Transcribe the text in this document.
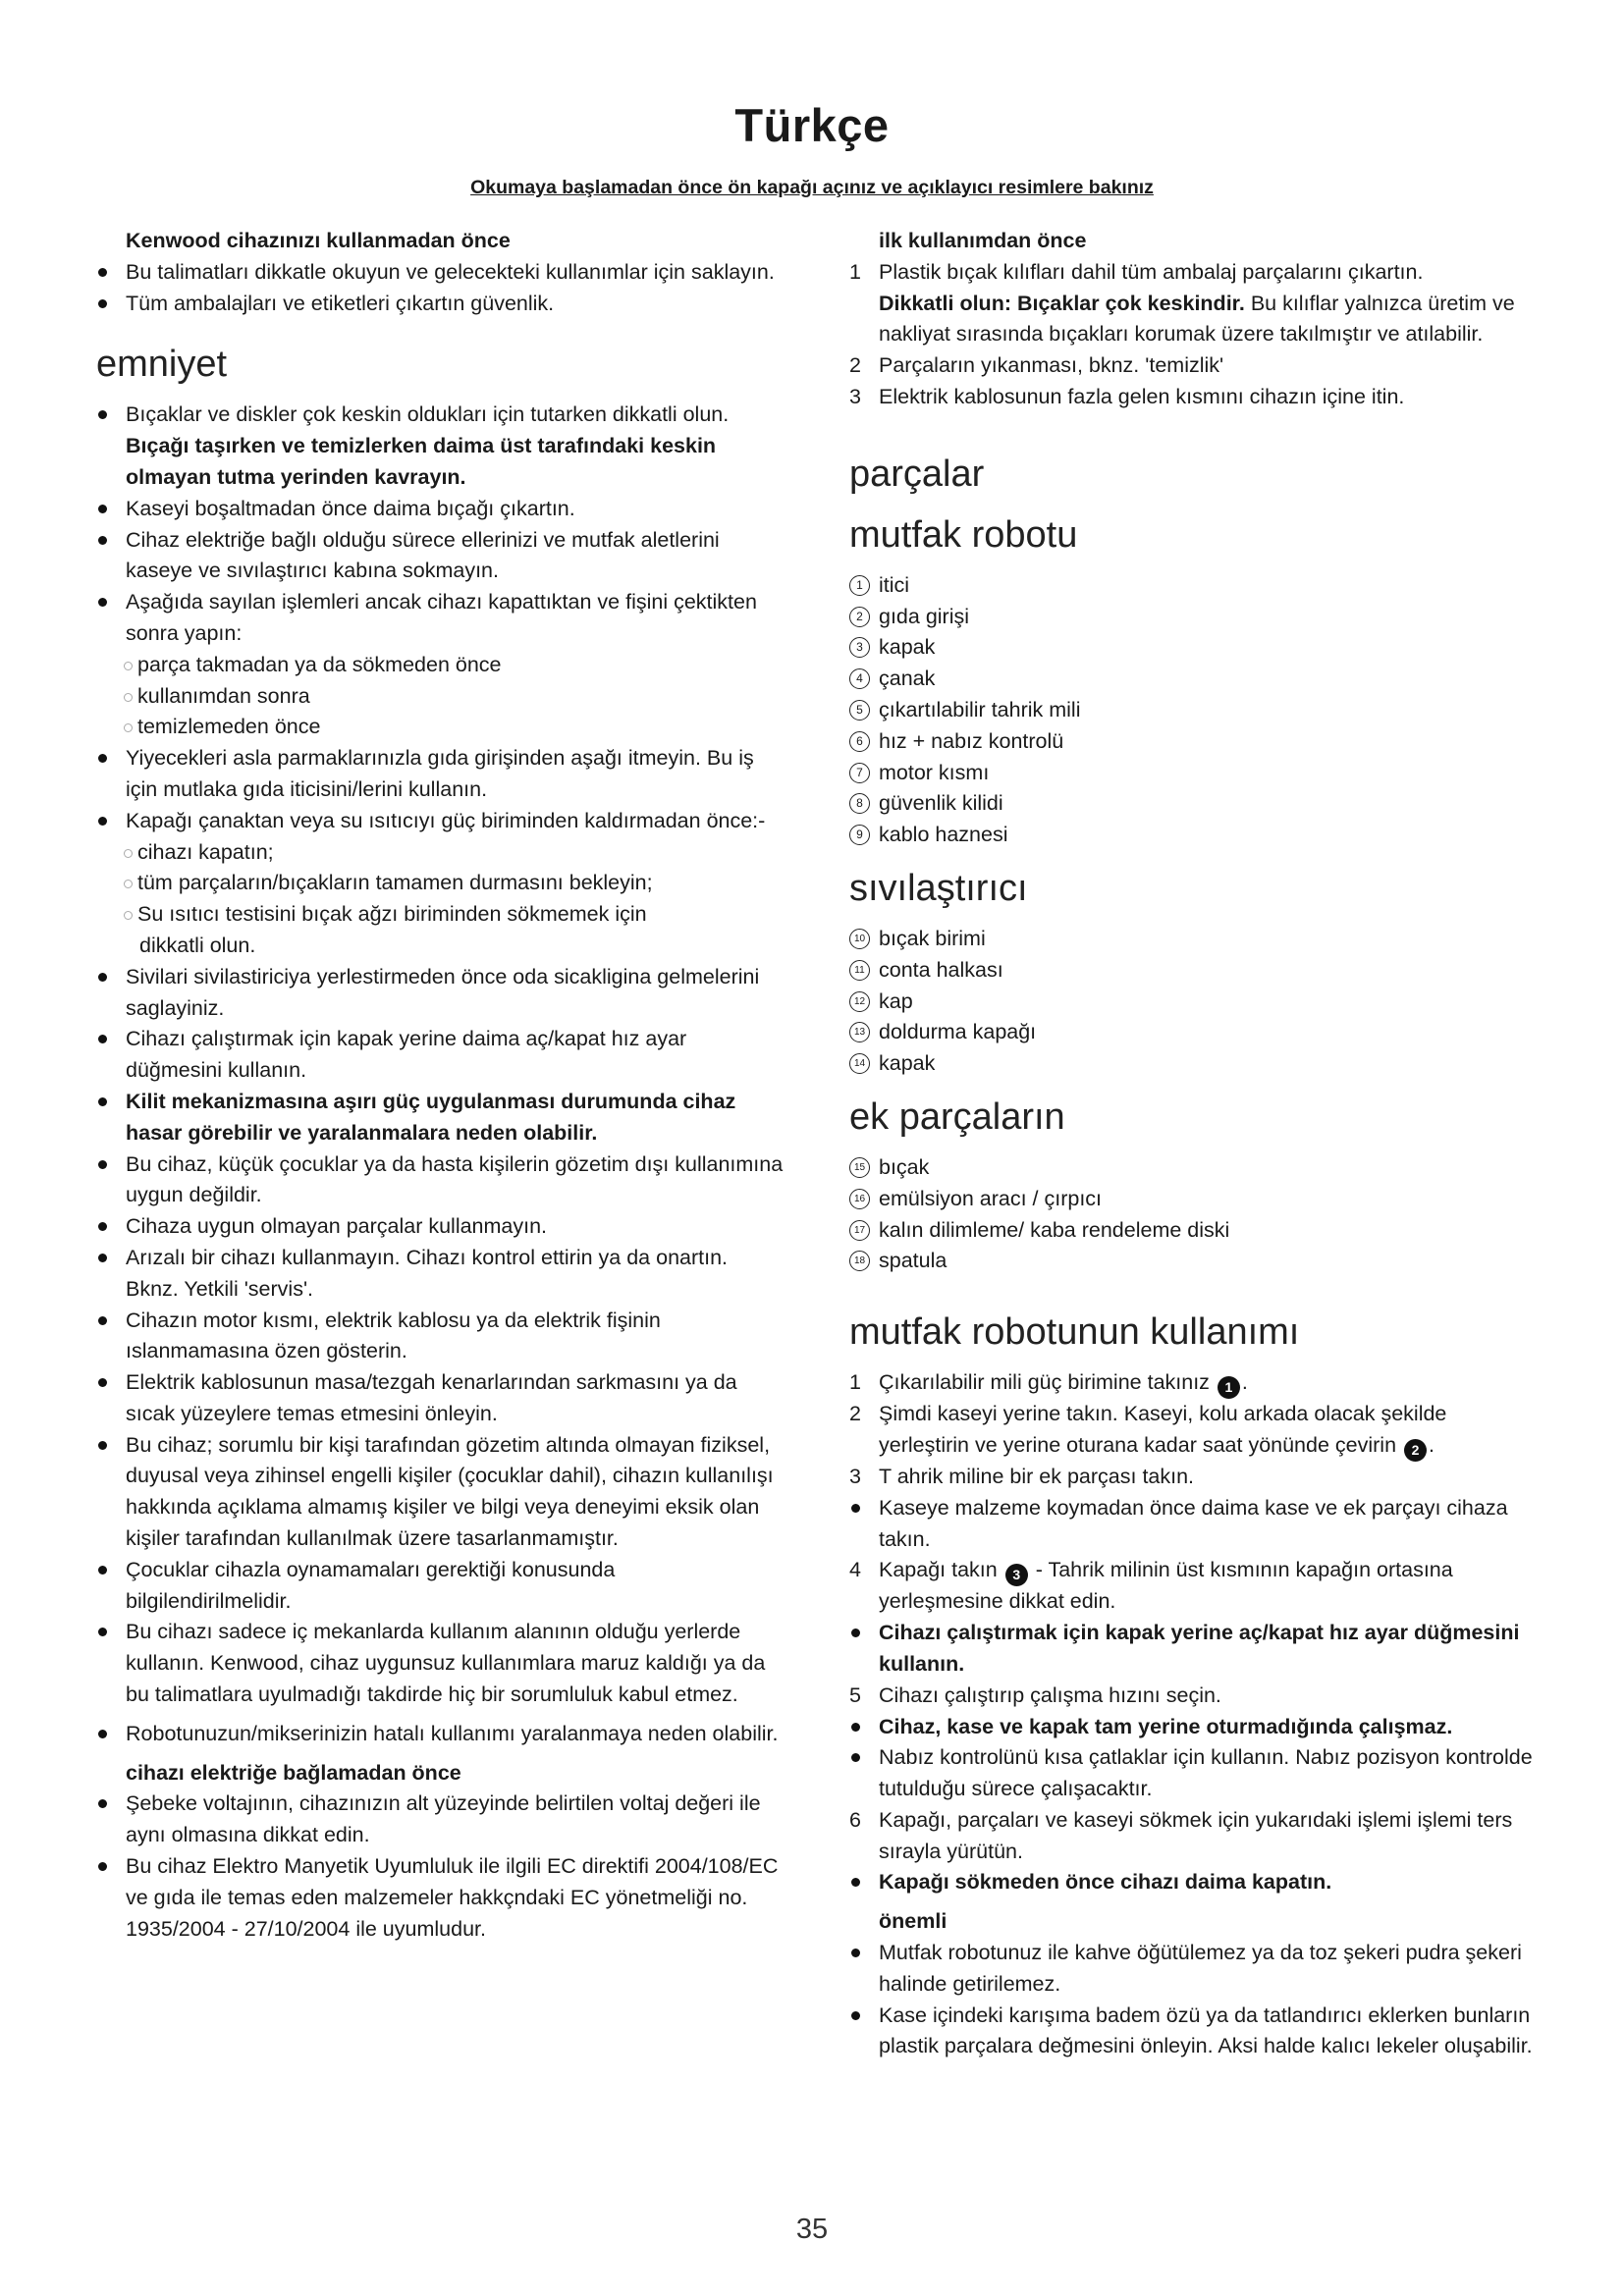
Türkçe
Okumaya başlamadan önce ön kapağı açınız ve açıklayıcı resimlere bakınız
Kenwood cihazınızı kullanmadan önce
Bu talimatları dikkatle okuyun ve gelecekteki kullanımlar için saklayın.
Tüm ambalajları ve etiketleri çıkartın güvenlik.
emniyet
Bıçaklar ve diskler çok keskin oldukları için tutarken dikkatli olun. Bıçağı taşırken ve temizlerken daima üst tarafındaki keskin olmayan tutma yerinden kavrayın.
Kaseyi boşaltmadan önce daima bıçağı çıkartın.
Cihaz elektriğe bağlı olduğu sürece ellerinizi ve mutfak aletlerini kaseye ve sıvılaştırıcı kabına sokmayın.
Aşağıda sayılan işlemleri ancak cihazı kapattıktan ve fişini çektikten sonra yapın:
parça takmadan ya da sökmeden önce
kullanımdan sonra
temizlemeden önce
Yiyecekleri asla parmaklarınızla gıda girişinden aşağı itmeyin. Bu iş için mutlaka gıda iticisini/lerini kullanın.
Kapağı çanaktan veya su ısıtıcıyı güç biriminden kaldırmadan önce:-
cihazı kapatın;
tüm parçaların/bıçakların tamamen durmasını bekleyin;
Su ısıtıcı testisini bıçak ağzı biriminden sökmemek için
dikkatli olun.
Sivilari sivilastiriciya yerlestirmeden önce oda sicakligina gelmelerini saglayiniz.
Cihazı çalıştırmak için kapak yerine daima aç/kapat hız ayar düğmesini kullanın.
Kilit mekanizmasına aşırı güç uygulanması durumunda cihaz hasar görebilir ve yaralanmalara neden olabilir.
Bu cihaz, küçük çocuklar ya da hasta kişilerin gözetim dışı kullanımına uygun değildir.
Cihaza uygun olmayan parçalar kullanmayın.
Arızalı bir cihazı kullanmayın. Cihazı kontrol ettirin ya da onartın. Bknz. Yetkili 'servis'.
Cihazın motor kısmı, elektrik kablosu ya da elektrik fişinin ıslanmamasına özen gösterin.
Elektrik kablosunun masa/tezgah kenarlarından sarkmasını ya da sıcak yüzeylere temas etmesini önleyin.
Bu cihaz; sorumlu bir kişi tarafından gözetim altında olmayan fiziksel, duyusal veya zihinsel engelli kişiler (çocuklar dahil), cihazın kullanılışı hakkında açıklama almamış kişiler ve bilgi veya deneyimi eksik olan kişiler tarafından kullanılmak üzere tasarlanmamıştır.
Çocuklar cihazla oynamamaları gerektiği konusunda bilgilendirilmelidir.
Bu cihazı sadece iç mekanlarda kullanım alanının olduğu yerlerde kullanın. Kenwood, cihaz uygunsuz kullanımlara maruz kaldığı ya da bu talimatlara uyulmadığı takdirde hiç bir sorumluluk kabul etmez.
Robotunuzun/mikserinizin hatalı kullanımı yaralanmaya neden olabilir.
cihazı elektriğe bağlamadan önce
Şebeke voltajının, cihazınızın alt yüzeyinde belirtilen voltaj değeri ile aynı olmasına dikkat edin.
Bu cihaz Elektro Manyetik Uyumluluk ile ilgili EC direktifi 2004/108/EC ve gıda ile temas eden malzemeler hakkçndaki EC yönetmeliği no. 1935/2004 - 27/10/2004 ile uyumludur.
ilk kullanımdan önce
1 Plastik bıçak kılıfları dahil tüm ambalaj parçalarını çıkartın.
Dikkatli olun: Bıçaklar çok keskindir. Bu kılıflar yalnızca üretim ve nakliyat sırasında bıçakları korumak üzere takılmıştır ve atılabilir.
2 Parçaların yıkanması, bknz. 'temizlik'
3 Elektrik kablosunun fazla gelen kısmını cihazın içine itin.
parçalar
mutfak robotu
1 itici
2 gıda girişi
3 kapak
4 çanak
5 çıkartılabilir tahrik mili
6 hız + nabız kontrolü
7 motor kısmı
8 güvenlik kilidi
9 kablo haznesi
sıvılaştırıcı
10 bıçak birimi
11 conta halkası
12 kap
13 doldurma kapağı
14 kapak
ek parçaların
15 bıçak
16 emülsiyon aracı / çırpıcı
17 kalın dilimleme/ kaba rendeleme diski
18 spatula
mutfak robotunun kullanımı
1 Çıkarılabilir mili güç birimine takınız 1 .
2 Şimdi kaseyi yerine takın. Kaseyi, kolu arkada olacak şekilde yerleştirin ve yerine oturana kadar saat yönünde çevirin 2 .
3 T ahrik miline bir ek parçası takın.
Kaseye malzeme koymadan önce daima kase ve ek parçayı cihaza takın.
4 Kapağı takın 3 - Tahrik milinin üst kısmının kapağın ortasına yerleşmesine dikkat edin.
Cihazı çalıştırmak için kapak yerine aç/kapat hız ayar düğmesini kullanın.
5 Cihazı çalıştırıp çalışma hızını seçin.
Cihaz, kase ve kapak tam yerine oturmadığında çalışmaz.
Nabız kontrolünü kısa çatlaklar için kullanın. Nabız pozisyon kontrolde tutulduğu sürece çalışacaktır.
6 Kapağı, parçaları ve kaseyi sökmek için yukarıdaki işlemi işlemi ters sırayla yürütün.
Kapağı sökmeden önce cihazı daima kapatın.
önemli
Mutfak robotunuz ile kahve öğütülemez ya da toz şekeri pudra şekeri halinde getirilemez.
Kase içindeki karışıma badem özü ya da tatlandırıcı eklerken bunların plastik parçalara değmesini önleyin. Aksi halde kalıcı lekeler oluşabilir.
35
